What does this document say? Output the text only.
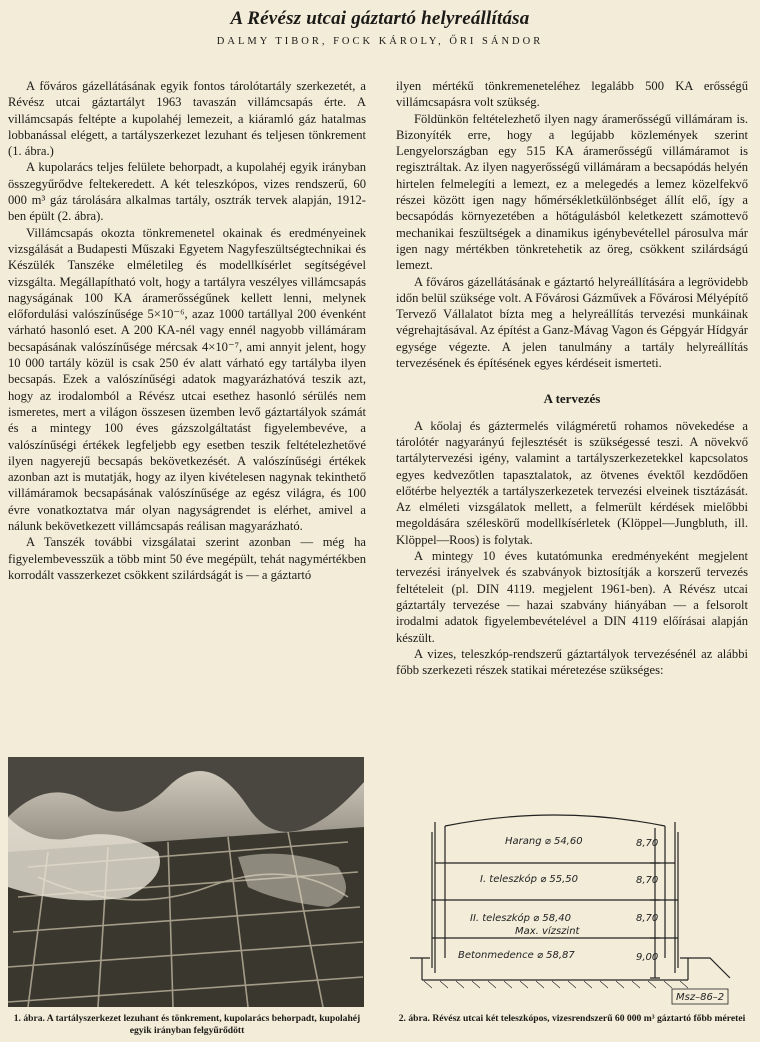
A Révész utcai gáztartó helyreállítása
DALMY TIBOR, FOCK KÁROLY, ŐRI SÁNDOR

A főváros gázellátásának egyik fontos tárolótartály szerkezetét, a Révész utcai gáztartályt 1963 tavaszán villámcsapás érte. A villámcsapás feltépte a kupolahéj lemezeit, a kiáramló gáz hatalmas lobbanással elégett, a tartályszerkezet lezuhant és teljesen tönkrement (1. ábra.)

A kupolarács teljes felülete behorpadt, a kupolahéj egyik irányban összegyűrődve feltekeredett. A két teleszkópos, vizes rendszerű, 60 000 m³ gáz tárolására alkalmas tartály, osztrák tervek alapján, 1912-ben épült (2. ábra).

Villámcsapás okozta tönkremenetel okainak és eredményeinek vizsgálását a Budapesti Műszaki Egyetem Nagyfeszültségtechnikai és Készülék Tanszéke elméletileg és modellkísérlet segítségével vizsgálta. Megállapítható volt, hogy a tartályra veszélyes villámcsapás nagyságának 100 KA áramerősségűnek kellett lenni, melynek előfordulási valószínűsége 5×10⁻⁶, azaz 1000 tartállyal 200 évenként várható hasonló eset. A 200 KA-nél vagy ennél nagyobb villámáram becsapásának valószínűsége mércsak 4×10⁻⁷, ami annyit jelent, hogy 10 000 tartály közül is csak 250 év alatt várható egy tartályba ilyen becsapás. Ezek a valószínűségi adatok magyarázhatóvá teszik azt, hogy az irodalomból a Révész utcai esethez hasonló sérülés nem ismeretes, mert a világon összesen üzemben levő gáztartályok számát és a mintegy 100 éves gázszolgáltatást figyelembevéve, a valószínűségi értékek legfeljebb egy esetben teszik feltételezhetővé ilyen nagyerejű becsapás bekövetkezését. A valószínűségi értékek azonban azt is mutatják, hogy az ilyen kivételesen nagynak tekinthető villámáramok becsapásának valószínűsége az egész világra, és 100 évre vonatkoztatva már olyan nagyságrendet is elérhet, amivel a nálunk bekövetkezett villámcsapás reálisan magyarázható.

A Tanszék további vizsgálatai szerint azonban — még ha figyelembevesszük a több mint 50 éve megépült, tehát nagymértékben korrodált vasszerkezet csökkent szilárdságát is — a gáztartó

1. ábra. A tartályszerkezet lezuhant és tönkrement, kupolarács behorpadt, kupolahéj egyik irányban felgyűrődött

ilyen mértékű tönkremeneteléhez legalább 500 KA erősségű villámcsapásra volt szükség.

Földünkön feltételezhető ilyen nagy áramerősségű villámáram is. Bizonyíték erre, hogy a legújabb közlemények szerint Lengyelországban egy 515 KA áramerősségű villámáramot is regisztráltak. Az ilyen nagyerősségű villámáram a becsapódás helyén hirtelen felmelegíti a lemezt, ez a melegedés a lemez közelfekvő részei között igen nagy hőmérsékletkülönbséget állít elő, így a becsapódás környezetében a hőtágulásból keletkezett számottevő mechanikai feszültségek a dinamikus igénybevétellel párosulva már igen nagy mértékben tönkretehetik az öreg, csökkent szilárdságú lemezt.

A főváros gázellátásának e gáztartó helyreállítására a legrövidebb időn belül szükségе volt. A Fővárosi Gázművek a Fővárosi Mélyépítő Tervező Vállalatot bízta meg a helyreállítás tervezési munkáinak végrehajtásával. Az építést a Ganz-Mávag Vagon és Gépgyár Hídgyár egysége végezte. A jelen tanulmány a tartály helyreállítás tervezésének és építésének egyes kérdéseit ismerteti.

A tervezés

A kőolaj és gáztermelés világméretű rohamos növekedése a tárolótér nagyarányú fejlesztését is szükségessé teszi. A növekvő tartálytervezési igény, valamint a tartályszerkezetekkel kapcsolatos egyes kedvezőtlen tapasztalatok, az ötvenes évektől kezdődően előtérbe helyezték a tartályszerkezetek tervezési elveinek tisztázását. Az elméleti vizsgálatok mellett, a felmerült kérdések mielőbbi megoldására széleskörű modellkísérletek (Klöppel—Jungbluth, ill. Klöppel—Roos) is folytak.

A mintegy 10 éves kutatómunka eredményeként megjelent tervezési irányelvek és szabványok biztosítják a korszerű tervezés feltételeit (pl. DIN 4119. megjelent 1961-ben). A Révész utcai gáztartály tervezése — hazai szabvány hiányában — a felsorolt irodalmi adatok figyelembevételével a DIN 4119 előírásai alapján készült.

A vizes, teleszkóp-rendszerű gáztartályok tervezésénél az alábbi főbb szerkezeti részek statikai méretezése szükséges:

Harang ⌀ 54,60
I. teleszkóp ⌀ 55,50
II. teleszkóp ⌀ 58,40
Max. vízszint
Betonmedence ⌀ 58,87
8,70
8,70
8,70
9,00
Msz–86–2
2. ábra. Révész utcai két teleszkópos, vizesrendszerű 60 000 m³ gáztartó főbb méretei
